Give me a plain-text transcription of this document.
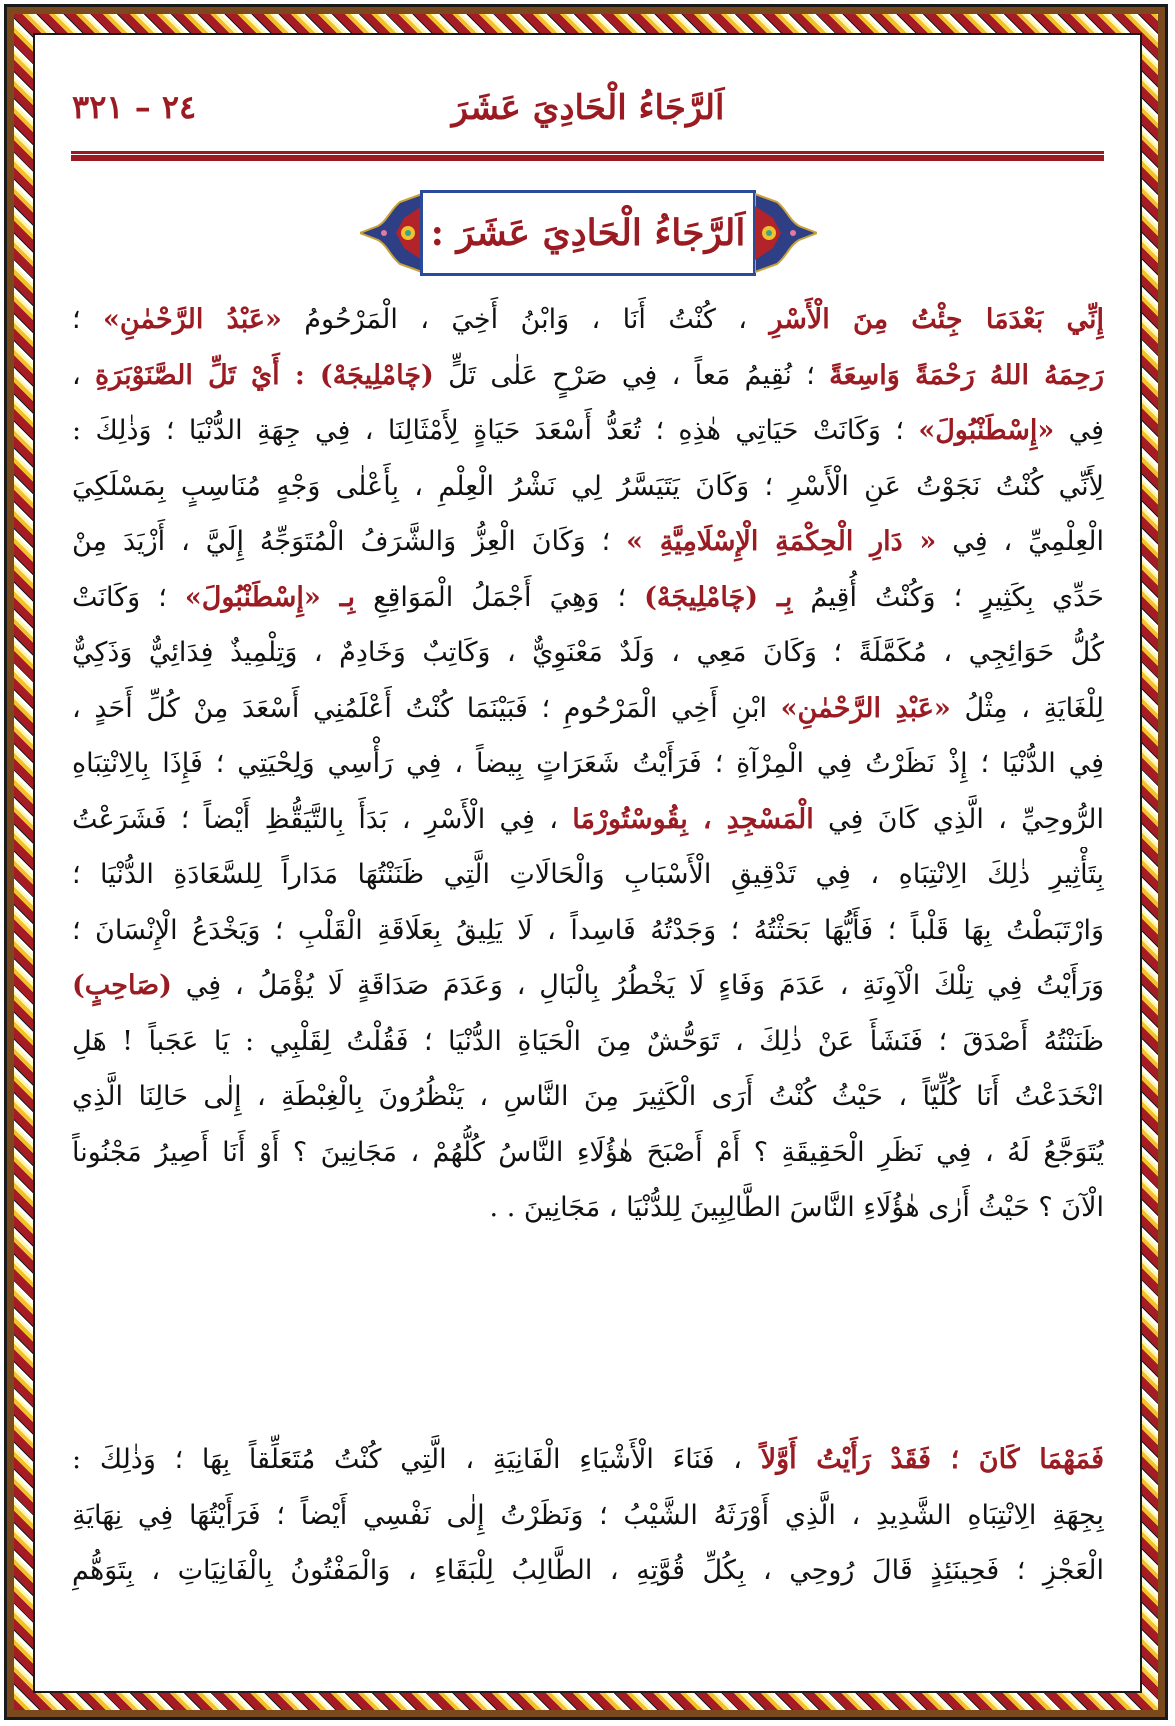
اَلرَّجَاءُ الْحَادِيَ عَشَرَ
٢٤ – ٣٢١
اَلرَّجَاءُ الْحَادِيَ عَشَرَ :
إِنِّي بَعْدَمَا جِئْتُ مِنَ الْأَسْرِ ، كُنْتُ أَنَا ، وَابْنُ أَخِيَ ، الْمَرْحُومُ «عَبْدُ الرَّحْمٰنِ» ؛
رَحِمَهُ اللهُ رَحْمَةً وَاسِعَةً ؛ نُقِيمُ مَعاً ، فِي صَرْحٍ عَلٰى تَلٍّ (چَامْلِيجَهْ) : أَيْ تَلِّ الصَّنَوْبَرَةِ ،
فِي «إِسْطَنْبُولَ» ؛ وَكَانَتْ حَيَاتِي هٰذِهِ ؛ تُعَدُّ أَسْعَدَ حَيَاةٍ لِأَمْثَالِنَا ، فِي جِهَةِ الدُّنْيَا ؛ وَذٰلِكَ :
لِأَنِّي كُنْتُ نَجَوْتُ عَنِ الْأَسْرِ ؛ وَكَانَ يَتَيَسَّرُ لِي نَشْرُ الْعِلْمِ ، بِأَعْلٰى وَجْهٍ مُنَاسِبٍ بِمَسْلَكِيَ
الْعِلْمِيِّ ، فِي « دَارِ الْحِكْمَةِ الْإِسْلَامِيَّةِ » ؛ وَكَانَ الْعِزُّ وَالشَّرَفُ الْمُتَوَجِّهُ إِلَيَّ ، أَزْيَدَ مِنْ
حَدِّي بِكَثِيرٍ ؛ وَكُنْتُ أُقِيمُ بِـ (چَامْلِيجَهْ) ؛ وَهِيَ أَجْمَلُ الْمَوَاقِعِ بِـ «إِسْطَنْبُولَ» ؛ وَكَانَتْ
كُلُّ حَوَائِجِي ، مُكَمَّلَةً ؛ وَكَانَ مَعِي ، وَلَدٌ مَعْنَوِيٌّ ، وَكَاتِبٌ وَخَادِمٌ ، وَتِلْمِيذٌ فِدَائِيٌّ وَذَكِيٌّ
لِلْغَايَةِ ، مِثْلُ «عَبْدِ الرَّحْمٰنِ» ابْنِ أَخِي الْمَرْحُومِ ؛ فَبَيْنَمَا كُنْتُ أَعْلَمُنِي أَسْعَدَ مِنْ كُلِّ أَحَدٍ ،
فِي الدُّنْيَا ؛ إِذْ نَظَرْتُ فِي الْمِرْآةِ ؛ فَرَأَيْتُ شَعَرَاتٍ بِيضاً ، فِي رَأْسِي وَلِحْيَتِي ؛ فَإِذَا بِالِانْتِبَاهِ
الرُّوحِيِّ ، الَّذِي كَانَ فِي الْمَسْجِدِ ، بِقُوسْتُورْمَا ، فِي الْأَسْرِ ، بَدَأَ بِالتَّيَقُّظِ أَيْضاً ؛ فَشَرَعْتُ
بِتَأْثِيرِ ذٰلِكَ الِانْتِبَاهِ ، فِي تَدْقِيقِ الْأَسْبَابِ وَالْحَالَاتِ الَّتِي ظَنَنْتُهَا مَدَاراً لِلسَّعَادَةِ الدُّنْيَا ؛
وَارْتَبَطْتُ بِهَا قَلْباً ؛ فَأَيُّهَا بَحَثْتُهُ ؛ وَجَدْتُهُ فَاسِداً ، لَا يَلِيقُ بِعَلَاقَةِ الْقَلْبِ ؛ وَيَخْدَعُ الْإِنْسَانَ ؛
وَرَأَيْتُ فِي تِلْكَ الْآوِنَةِ ، عَدَمَ وَفَاءٍ لَا يَخْطُرُ بِالْبَالِ ، وَعَدَمَ صَدَاقَةٍ لَا يُؤْمَلُ ، فِي (صَاحِبٍ)
ظَنَنْتُهُ أَصْدَقَ ؛ فَنَشَأَ عَنْ ذٰلِكَ ، تَوَحُّشٌ مِنَ الْحَيَاةِ الدُّنْيَا ؛ فَقُلْتُ لِقَلْبِي : يَا عَجَباً ! هَلِ
انْخَدَعْتُ أَنَا كُلِّيّاً ، حَيْثُ كُنْتُ أَرَى الْكَثِيرَ مِنَ النَّاسِ ، يَنْظُرُونَ بِالْغِبْطَةِ ، إِلٰى حَالِنَا الَّذِي
يُتَوَجَّعُ لَهُ ، فِي نَظَرِ الْحَقِيقَةِ ؟ أَمْ أَصْبَحَ هٰؤُلَاءِ النَّاسُ كُلُّهُمْ ، مَجَانِينَ ؟ أَوْ أَنَا أَصِيرُ مَجْنُوناً
الْآنَ ؟ حَيْثُ أَرٰى هٰؤُلَاءِ النَّاسَ الطَّالِبِينَ لِلدُّنْيَا ، مَجَانِينَ . .
فَمَهْمَا كَانَ ؛ فَقَدْ رَأَيْتُ أَوَّلاً ، فَنَاءَ الْأَشْيَاءِ الْفَانِيَةِ ، الَّتِي كُنْتُ مُتَعَلِّقاً بِهَا ؛ وَذٰلِكَ :
بِجِهَةِ الِانْتِبَاهِ الشَّدِيدِ ، الَّذِي أَوْرَثَهُ الشَّيْبُ ؛ وَنَظَرْتُ إِلٰى نَفْسِي أَيْضاً ؛ فَرَأَيْتُهَا فِي نِهَايَةِ
الْعَجْزِ ؛ فَحِينَئِذٍ قَالَ رُوحِي ، بِكُلِّ قُوَّتِهِ ، الطَّالِبُ لِلْبَقَاءِ ، وَالْمَفْتُونُ بِالْفَانِيَاتِ ، بِتَوَهُّمِ
